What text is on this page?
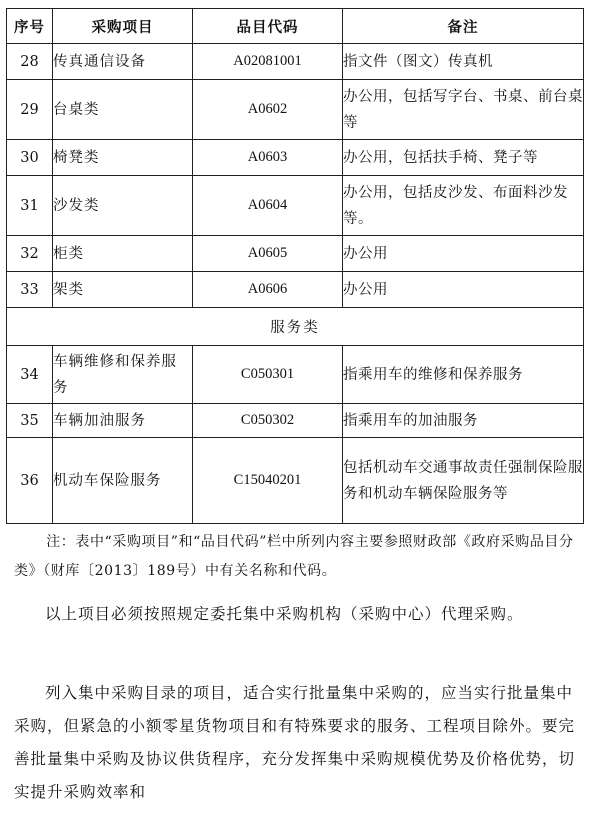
序号	采购项目	品目代码	备注
28	传真通信设备	A02081001	指文件（图文）传真机
29	台桌类	A0602	办公用，包括写字台、书桌、前台桌等
30	椅凳类	A0603	办公用，包括扶手椅、凳子等
31	沙发类	A0604	办公用，包括皮沙发、布面料沙发等。
32	柜类	A0605	办公用
33	架类	A0606	办公用
服务类			
34	车辆维修和保养服务	C050301	指乘用车的维修和保养服务
35	车辆加油服务	C050302	指乘用车的加油服务
36	机动车保险服务	C15040201	包括机动车交通事故责任强制保险服务和机动车辆保险服务等

注：表中“采购项目”和“品目代码”栏中所列内容主要参照财政部《政府采购品目分类》（财库〔2013〕189号）中有关名称和代码。

以上项目必须按照规定委托集中采购机构（采购中心）代理采购。

列入集中采购目录的项目，适合实行批量集中采购的，应当实行批量集中采购，但紧急的小额零星货物项目和有特殊要求的服务、工程项目除外。要完善批量集中采购及协议供货程序，充分发挥集中采购规模优势及价格优势，切实提升采购效率和
